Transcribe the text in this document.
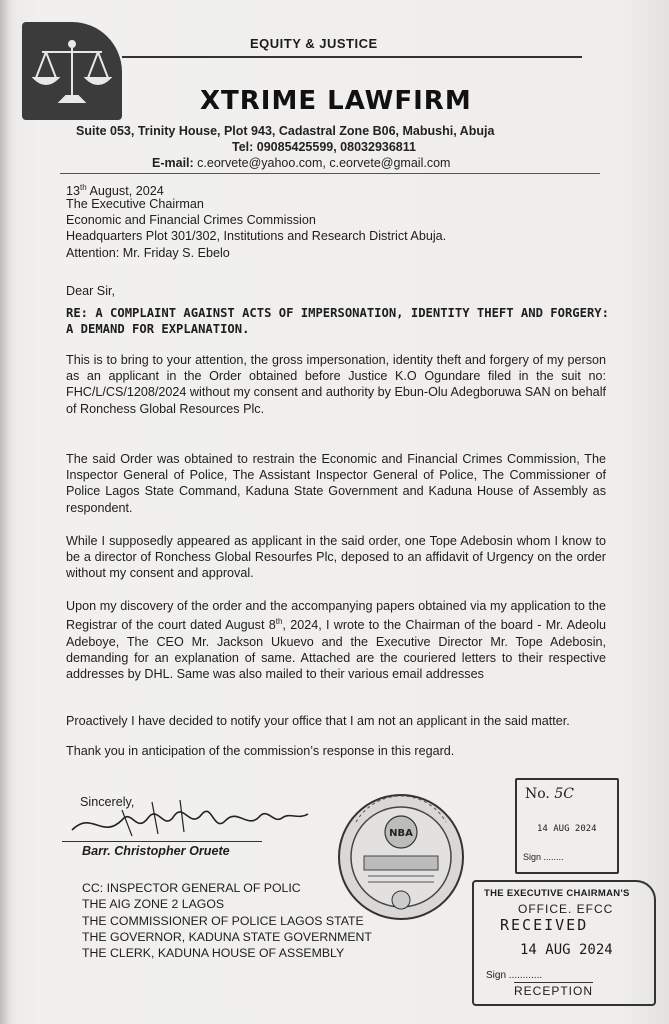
EQUITY & JUSTICE
XTRIME LAWFIRM
Suite 053, Trinity House, Plot 943, Cadastral Zone B06, Mabushi, Abuja
Tel: 09085425599, 08032936811
E-mail: c.eorvete@yahoo.com, c.eorvete@gmail.com
13th August, 2024
The Executive Chairman
Economic and Financial Crimes Commission
Headquarters Plot 301/302, Institutions and Research District Abuja.
Attention: Mr. Friday S. Ebelo
Dear Sir,
RE: A COMPLAINT AGAINST ACTS OF IMPERSONATION, IDENTITY THEFT AND FORGERY: A DEMAND FOR EXPLANATION.
This is to bring to your attention, the gross impersonation, identity theft and forgery of my person as an applicant in the Order obtained before Justice K.O Ogundare filed in the suit no: FHC/L/CS/1208/2024 without my consent and authority by Ebun-Olu Adegboruwa SAN on behalf of Ronchess Global Resources Plc.
The said Order was obtained to restrain the Economic and Financial Crimes Commission, The Inspector General of Police, The Assistant Inspector General of Police, The Commissioner of Police Lagos State Command, Kaduna State Government and Kaduna House of Assembly as respondent.
While I supposedly appeared as applicant in the said order, one Tope Adebosin whom I know to be a director of Ronchess Global Resourfes Plc, deposed to an affidavit of Urgency on the order without my consent and approval.
Upon my discovery of the order and the accompanying papers obtained via my application to the Registrar of the court dated August 8th, 2024, I wrote to the Chairman of the board - Mr. Adeolu Adeboye, The CEO Mr. Jackson Ukuevo and the Executive Director Mr. Tope Adebosin, demanding for an explanation of same. Attached are the couriered letters to their respective addresses by DHL. Same was also mailed to their various email addresses
Proactively I have decided to notify your office that I am not an applicant in the said matter.
Thank you in anticipation of the commission’s response in this regard.
Sincerely,
Barr. Christopher Oruete
CC: INSPECTOR GENERAL OF POLIC
THE AIG ZONE 2 LAGOS
THE COMMISSIONER OF POLICE LAGOS STATE
THE GOVERNOR, KADUNA STATE GOVERNMENT
THE CLERK, KADUNA HOUSE OF ASSEMBLY
NBA
No. 5C
14 AUG 2024
Sign ........
THE EXECUTIVE CHAIRMAN'S
OFFICE. EFCC
RECEIVED
14 AUG 2024
Sign ............
RECEPTION
